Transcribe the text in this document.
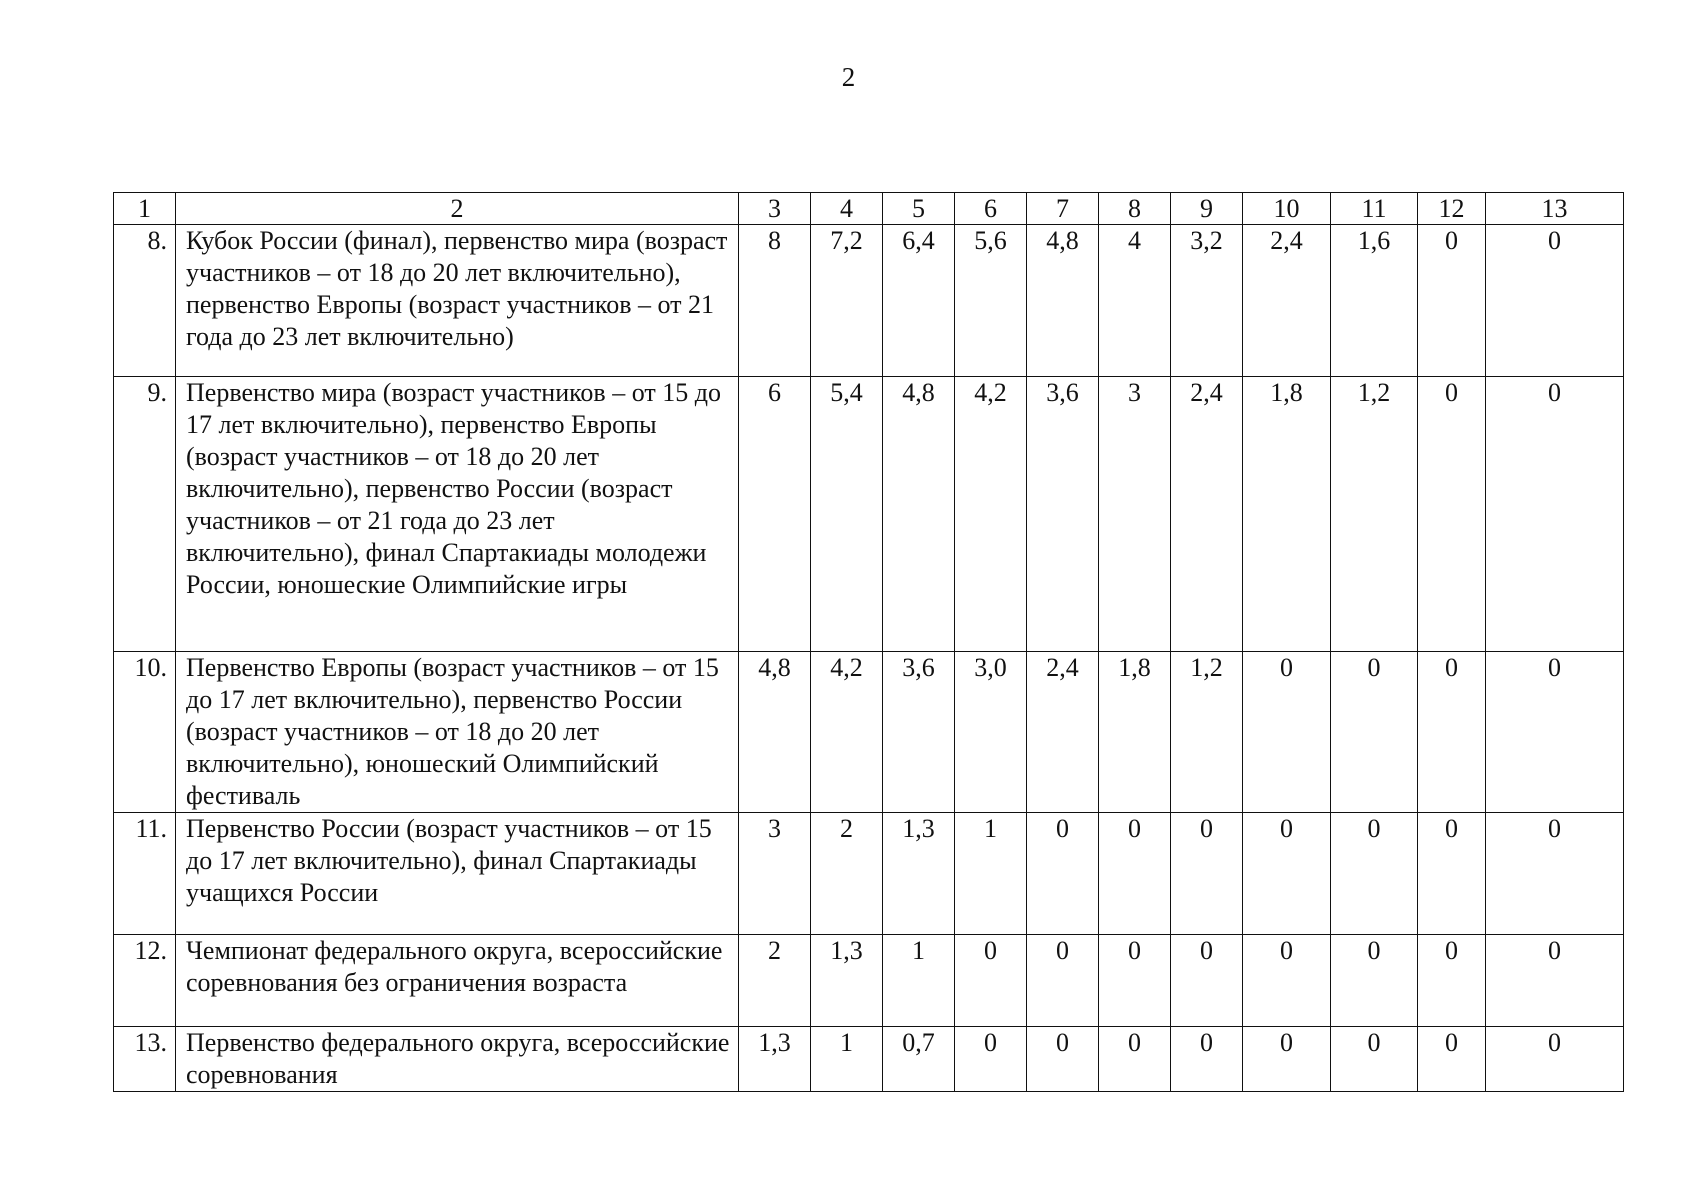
2
1	2	3	4	5	6	7	8	9	10	11	12	13
8.	Кубок России (финал), первенство мира (возраст участников – от 18 до 20 лет включительно), первенство Европы (возраст участников – от 21 года до 23 лет включительно)	8	7,2	6,4	5,6	4,8	4	3,2	2,4	1,6	0	0
9.	Первенство мира (возраст участников – от 15 до 17 лет включительно), первенство Европы (возраст участников – от 18 до 20 лет включительно), первенство России (возраст участников – от 21 года до 23 лет включительно), финал Спартакиады молодежи России, юношеские Олимпийские игры	6	5,4	4,8	4,2	3,6	3	2,4	1,8	1,2	0	0
10.	Первенство Европы (возраст участников – от 15 до 17 лет включительно), первенство России (возраст участников – от 18 до 20 лет включительно), юношеский Олимпийский фестиваль	4,8	4,2	3,6	3,0	2,4	1,8	1,2	0	0	0	0
11.	Первенство России (возраст участников – от 15 до 17 лет включительно), финал Спартакиады учащихся России	3	2	1,3	1	0	0	0	0	0	0	0
12.	Чемпионат федерального округа, всероссийские соревнования без ограничения возраста	2	1,3	1	0	0	0	0	0	0	0	0
13.	Первенство федерального округа, всероссийские соревнования	1,3	1	0,7	0	0	0	0	0	0	0	0
